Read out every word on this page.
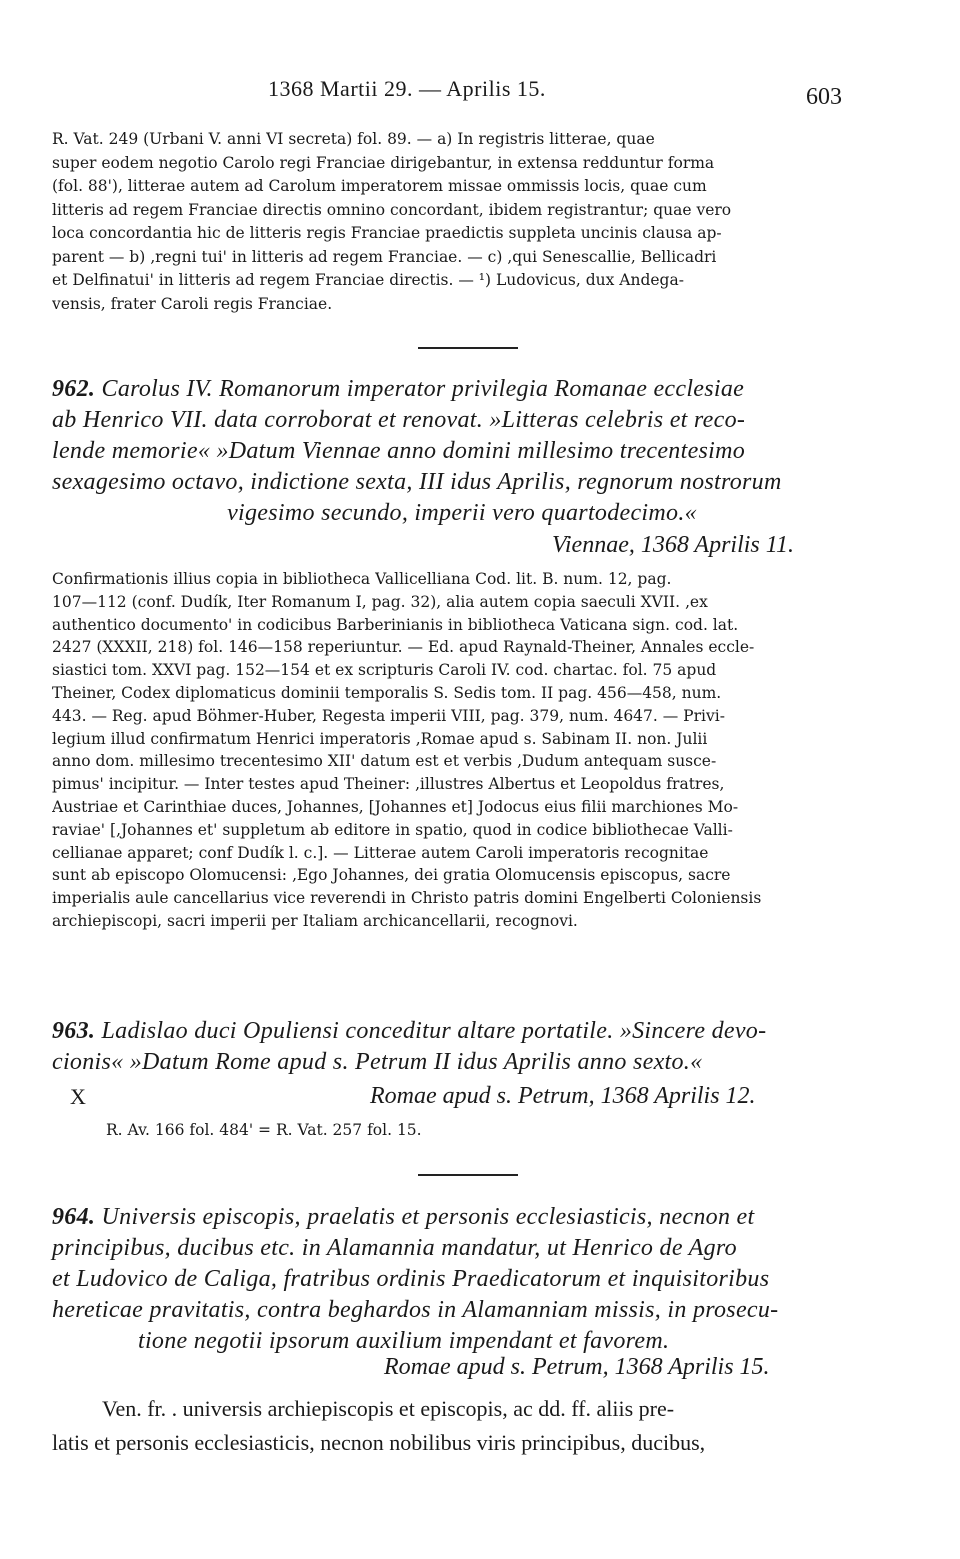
1368 Martii 29. — Aprilis 15.	603
R. Vat. 249 (Urbani V. anni VI secreta) fol. 89. — a) In registris litterae, quae
super eodem negotio Carolo regi Franciae dirigebantur, in extensa redduntur forma
(fol. 88'), litterae autem ad Carolum imperatorem missae ommissis locis, quae cum
litteris ad regem Franciae directis omnino concordant, ibidem registrantur; quae vero
loca concordantia hic de litteris regis Franciae praedictis suppleta uncinis clausa ap-
parent — b) ‚regni tui' in litteris ad regem Franciae. — c) ‚qui Senescallie, Bellicadri
et Delfinatui' in litteris ad regem Franciae directis. — ¹) Ludovicus, dux Andega-
vensis, frater Caroli regis Franciae.
962. Carolus IV. Romanorum imperator privilegia Romanae ecclesiae
ab Henrico VII. data corroborat et renovat. »Litteras celebris et reco-
lende memorie« »Datum Viennae anno domini millesimo trecentesimo
sexagesimo octavo, indictione sexta, III idus Aprilis, regnorum nostrorum
vigesimo secundo, imperii vero quartodecimo.«
Viennae, 1368 Aprilis 11.
Confirmationis illius copia in bibliotheca Vallicelliana Cod. lit. B. num. 12, pag.
107—112 (conf. Dudík, Iter Romanum I, pag. 32), alia autem copia saeculi XVII. ‚ex
authentico documento' in codicibus Barberinianis in bibliotheca Vaticana sign. cod. lat.
2427 (XXXII, 218) fol. 146—158 reperiuntur. — Ed. apud Raynald-Theiner, Annales eccle-
siastici tom. XXVI pag. 152—154 et ex scripturis Caroli IV. cod. chartac. fol. 75 apud
Theiner, Codex diplomaticus dominii temporalis S. Sedis tom. II pag. 456—458, num.
443. — Reg. apud Böhmer-Huber, Regesta imperii VIII, pag. 379, num. 4647. — Privi-
legium illud confirmatum Henrici imperatoris ‚Romae apud s. Sabinam II. non. Julii
anno dom. millesimo trecentesimo XII' datum est et verbis ‚Dudum antequam susce-
pimus' incipitur. — Inter testes apud Theiner: ‚illustres Albertus et Leopoldus fratres,
Austriae et Carinthiae duces, Johannes, [Johannes et] Jodocus eius filii marchiones Mo-
raviae' [‚Johannes et' suppletum ab editore in spatio, quod in codice bibliothecae Valli-
cellianae apparet; conf Dudík l. c.]. — Litterae autem Caroli imperatoris recognitae
sunt ab episcopo Olomucensi: ‚Ego Johannes, dei gratia Olomucensis episcopus, sacre
imperialis aule cancellarius vice reverendi in Christo patris domini Engelberti Coloniensis
archiepiscopi, sacri imperii per Italiam archicancellarii, recognovi.
963. Ladislao duci Opuliensi conceditur altare portatile. »Sincere devo-
cionis« »Datum Rome apud s. Petrum II idus Aprilis anno sexto.«
X	Romae apud s. Petrum, 1368 Aprilis 12.
R. Av. 166 fol. 484' = R. Vat. 257 fol. 15.
964. Universis episcopis, praelatis et personis ecclesiasticis, necnon et
principibus, ducibus etc. in Alamannia mandatur, ut Henrico de Agro
et Ludovico de Caliga, fratribus ordinis Praedicatorum et inquisitoribus
hereticae pravitatis, contra beghardos in Alamanniam missis, in prosecu-
tione negotii ipsorum auxilium impendant et favorem.
Romae apud s. Petrum, 1368 Aprilis 15.
Ven. fr. . universis archiepiscopis et episcopis, ac dd. ff. aliis pre-
latis et personis ecclesiasticis, necnon nobilibus viris principibus, ducibus,
